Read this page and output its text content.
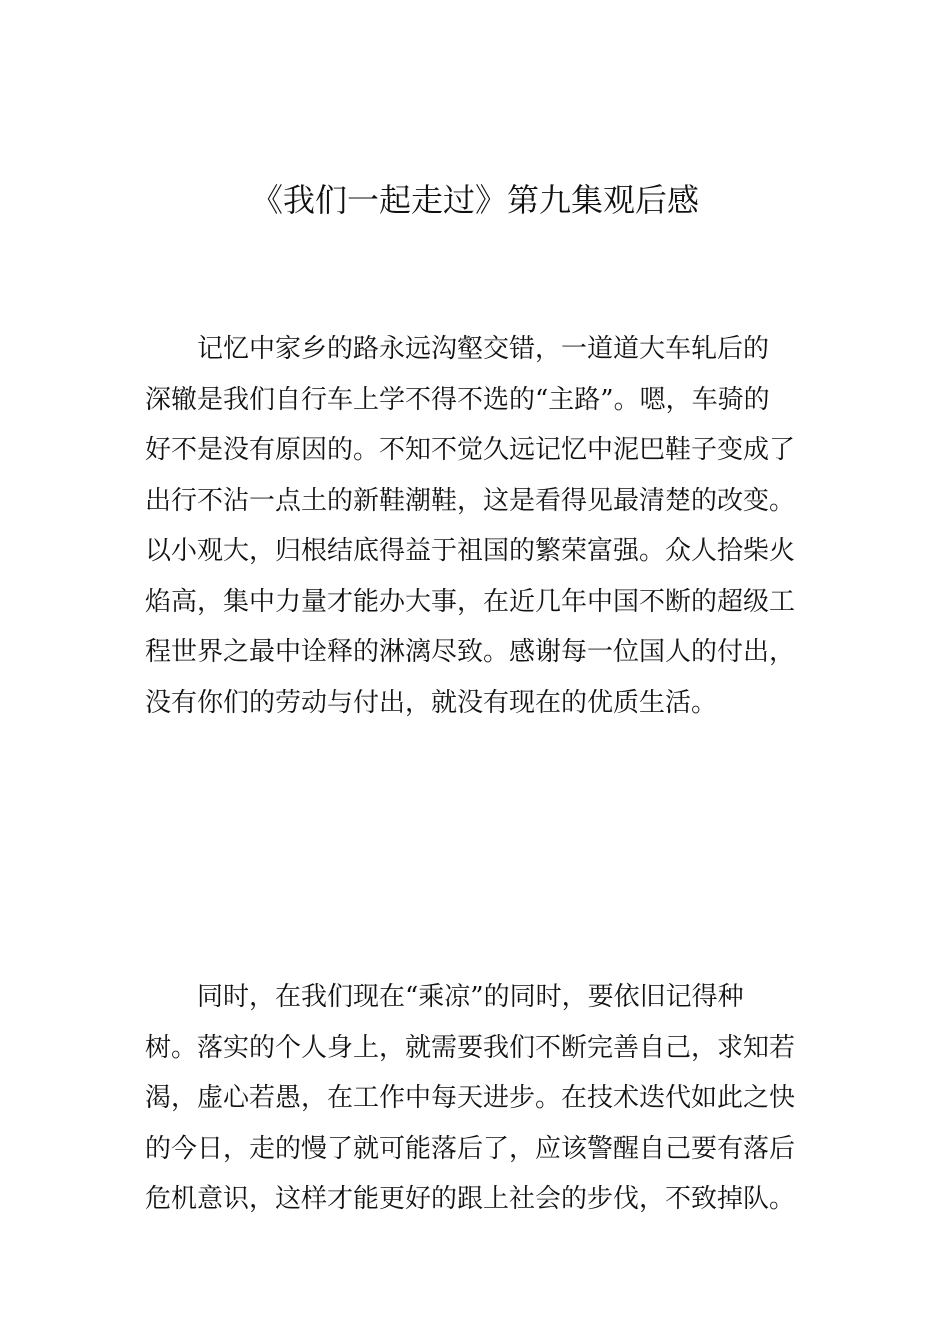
《我们一起走过》第九集观后感
　　记忆中家乡的路永远沟壑交错，一道道大车轧后的
深辙是我们自行车上学不得不选的“主路”。嗯，车骑的
好不是没有原因的。不知不觉久远记忆中泥巴鞋子变成了
出行不沾一点土的新鞋潮鞋，这是看得见最清楚的改变。
以小观大，归根结底得益于祖国的繁荣富强。众人拾柴火
焰高，集中力量才能办大事，在近几年中国不断的超级工
程世界之最中诠释的淋漓尽致。感谢每一位国人的付出，
没有你们的劳动与付出，就没有现在的优质生活。
　　同时，在我们现在“乘凉”的同时，要依旧记得种
树。落实的个人身上，就需要我们不断完善自己，求知若
渴，虚心若愚，在工作中每天进步。在技术迭代如此之快
的今日，走的慢了就可能落后了，应该警醒自己要有落后
危机意识，这样才能更好的跟上社会的步伐，不致掉队。
